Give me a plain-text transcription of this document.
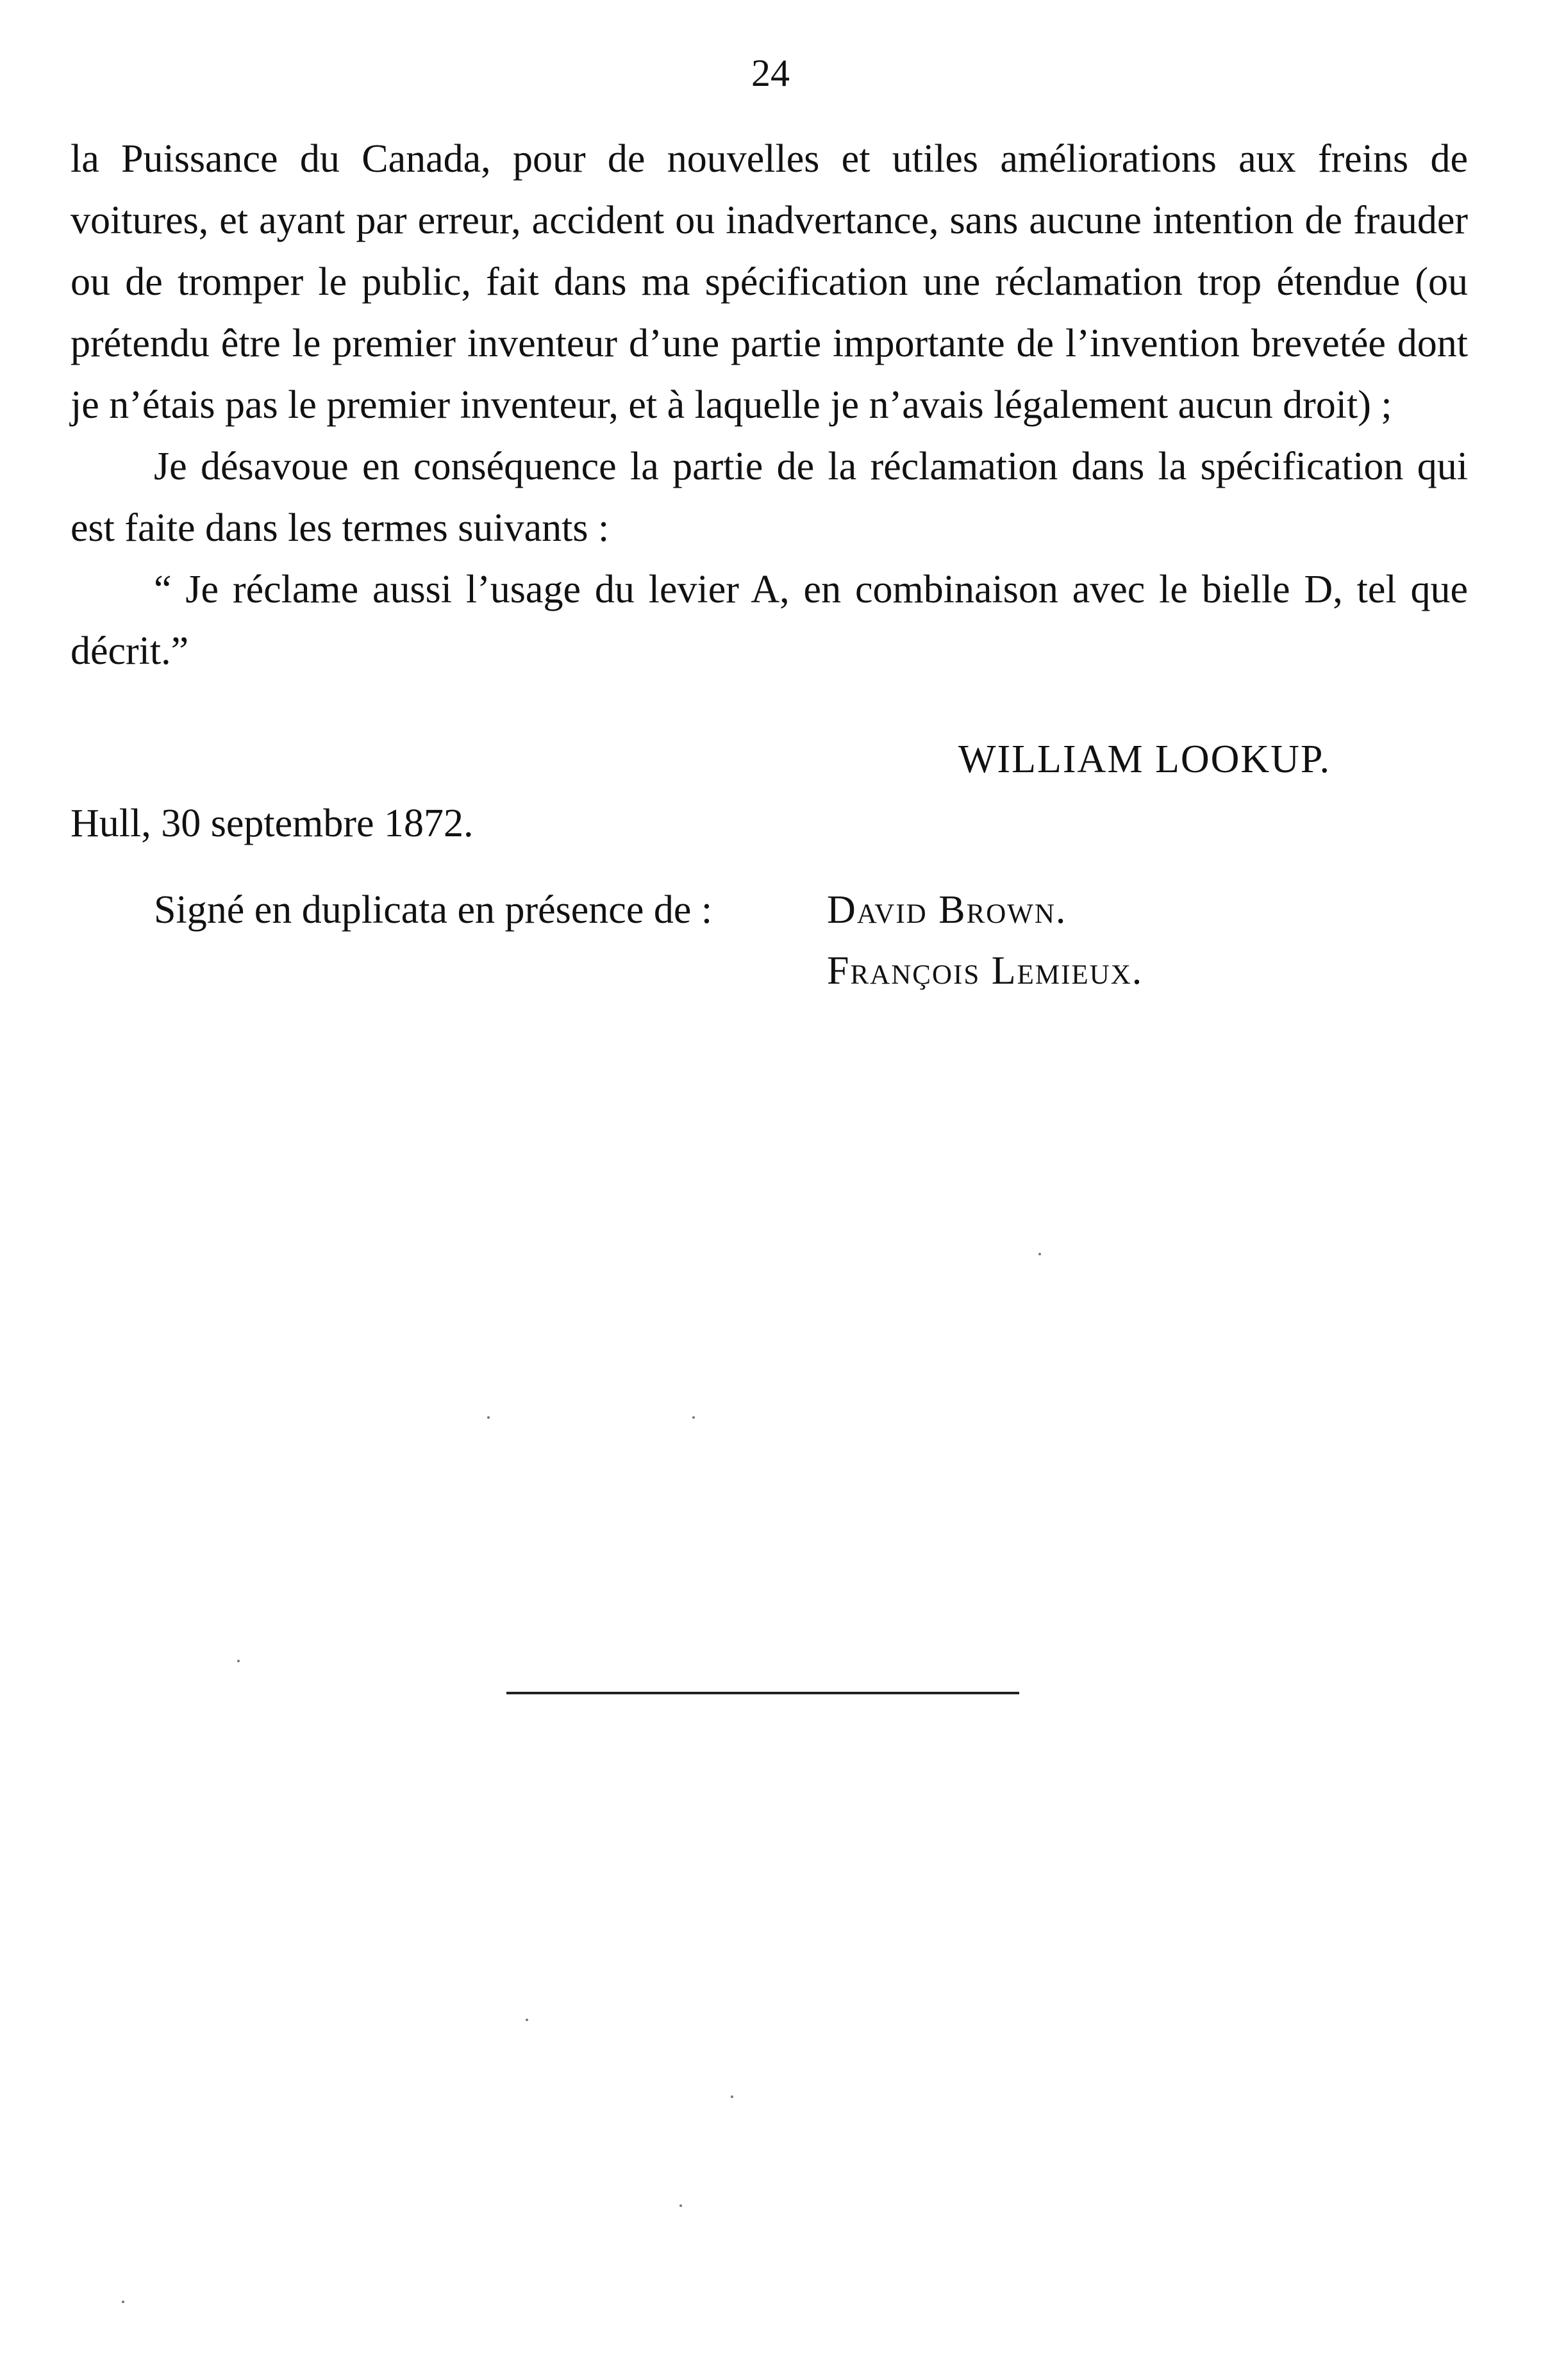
24

la Puissance du Canada, pour de nouvelles et utiles améliorations aux freins de voitures, et ayant par erreur, accident ou inadvertance, sans aucune intention de frauder ou de tromper le public, fait dans ma spécification une réclamation trop étendue (ou prétendu être le premier inventeur d’une partie importante de l’invention brevetée dont je n’étais pas le premier inventeur, et à laquelle je n’avais légalement aucun droit) ;

Je désavoue en conséquence la partie de la réclamation dans la spécification qui est faite dans les termes suivants :

“ Je réclame aussi l’usage du levier A, en combinaison avec le bielle D, tel que décrit.”

WILLIAM LOOKUP.
Hull, 30 septembre 1872.
Signé en duplicata en présence de :	David Brown.
François Lemieux.
